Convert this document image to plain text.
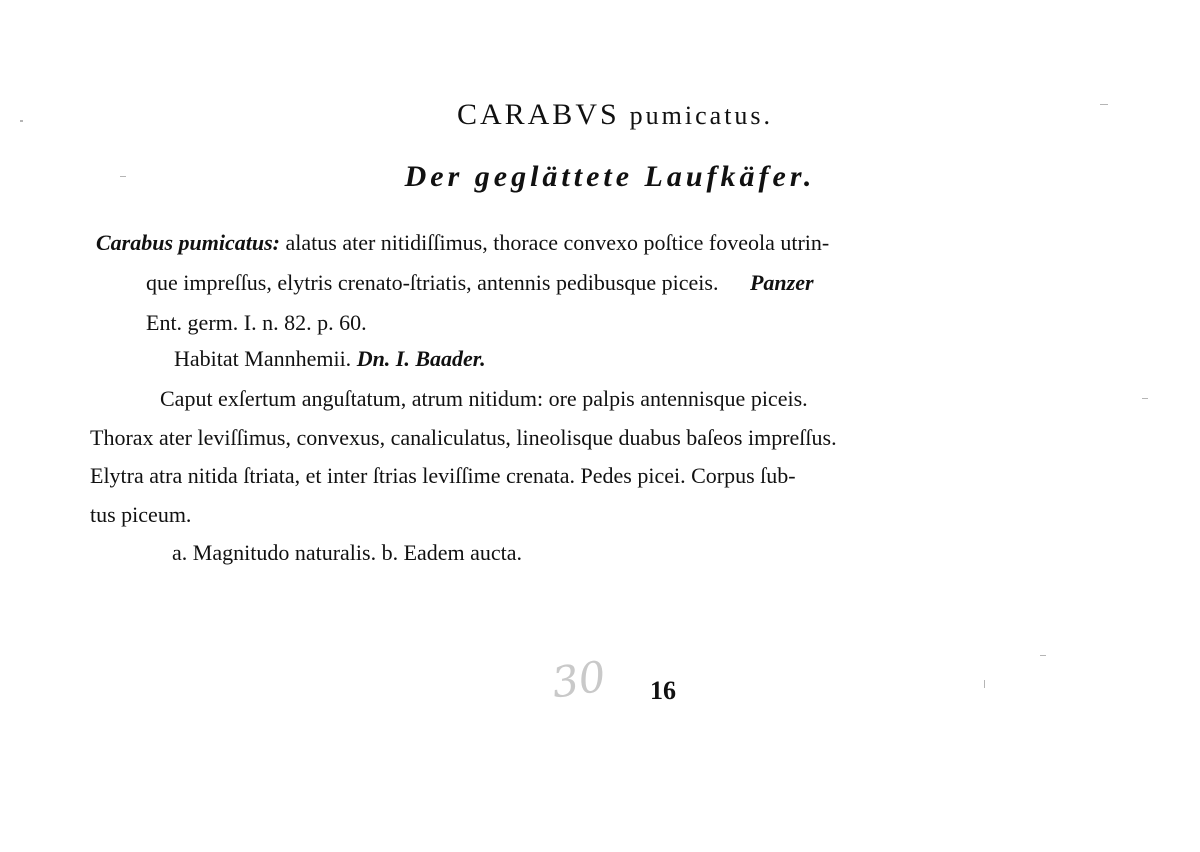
CARABVS pumicatus.
Der geglättete Laufkäfer.
Carabus pumicatus: alatus ater nitidiſſimus, thorace convexo poſtice foveola utrin-
que impreſſus, elytris crenato-ſtriatis, antennis pedibusque piceis. Panzer
Ent. germ. I. n. 82. p. 60.
Habitat Mannhemii. Dn. I. Baader.
Caput exſertum anguſtatum, atrum nitidum: ore palpis antennisque piceis.
Thorax ater leviſſimus, convexus, canaliculatus, lineolisque duabus baſeos impreſſus.
Elytra atra nitida ſtriata, et inter ſtrias leviſſime crenata. Pedes picei. Corpus ſub-
tus piceum.
a. Magnitudo naturalis. b. Eadem aucta.
30 16
